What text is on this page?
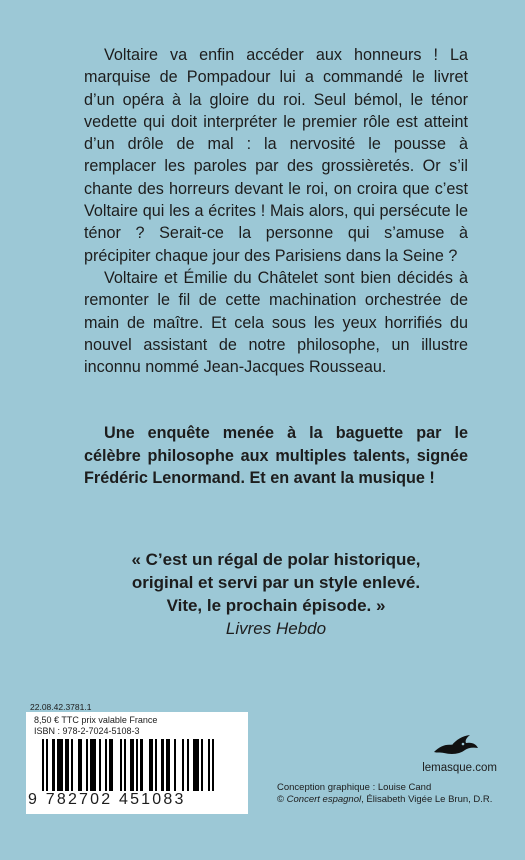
Voltaire va enfin accéder aux honneurs ! La marquise de Pompadour lui a commandé le livret d’un opéra à la gloire du roi. Seul bémol, le ténor vedette qui doit interpréter le premier rôle est atteint d’un drôle de mal : la nervosité le pousse à remplacer les paroles par des grossièretés. Or s’il chante des horreurs devant le roi, on croira que c’est Voltaire qui les a écrites ! Mais alors, qui persécute le ténor ? Serait-ce la personne qui s’amuse à précipiter chaque jour des Parisiens dans la Seine ?

Voltaire et Émilie du Châtelet sont bien décidés à remonter le fil de cette machination orchestrée de main de maître. Et cela sous les yeux horrifiés du nouvel assistant de notre philosophe, un illustre inconnu nommé Jean-Jacques Rousseau.

Une enquête menée à la baguette par le célèbre philosophe aux multiples talents, signée Frédéric Lenormand. Et en avant la musique !
« C’est un régal de polar historique,
original et servi par un style enlevé.
Vite, le prochain épisode. »
Livres Hebdo
22.08.42.3781.1
8,50 € TTC prix valable France
ISBN : 978-2-7024-5108-3
9 782702 451083
lemasque.com
Conception graphique : Louise Cand
© Concert espagnol, Élisabeth Vigée Le Brun, D.R.
